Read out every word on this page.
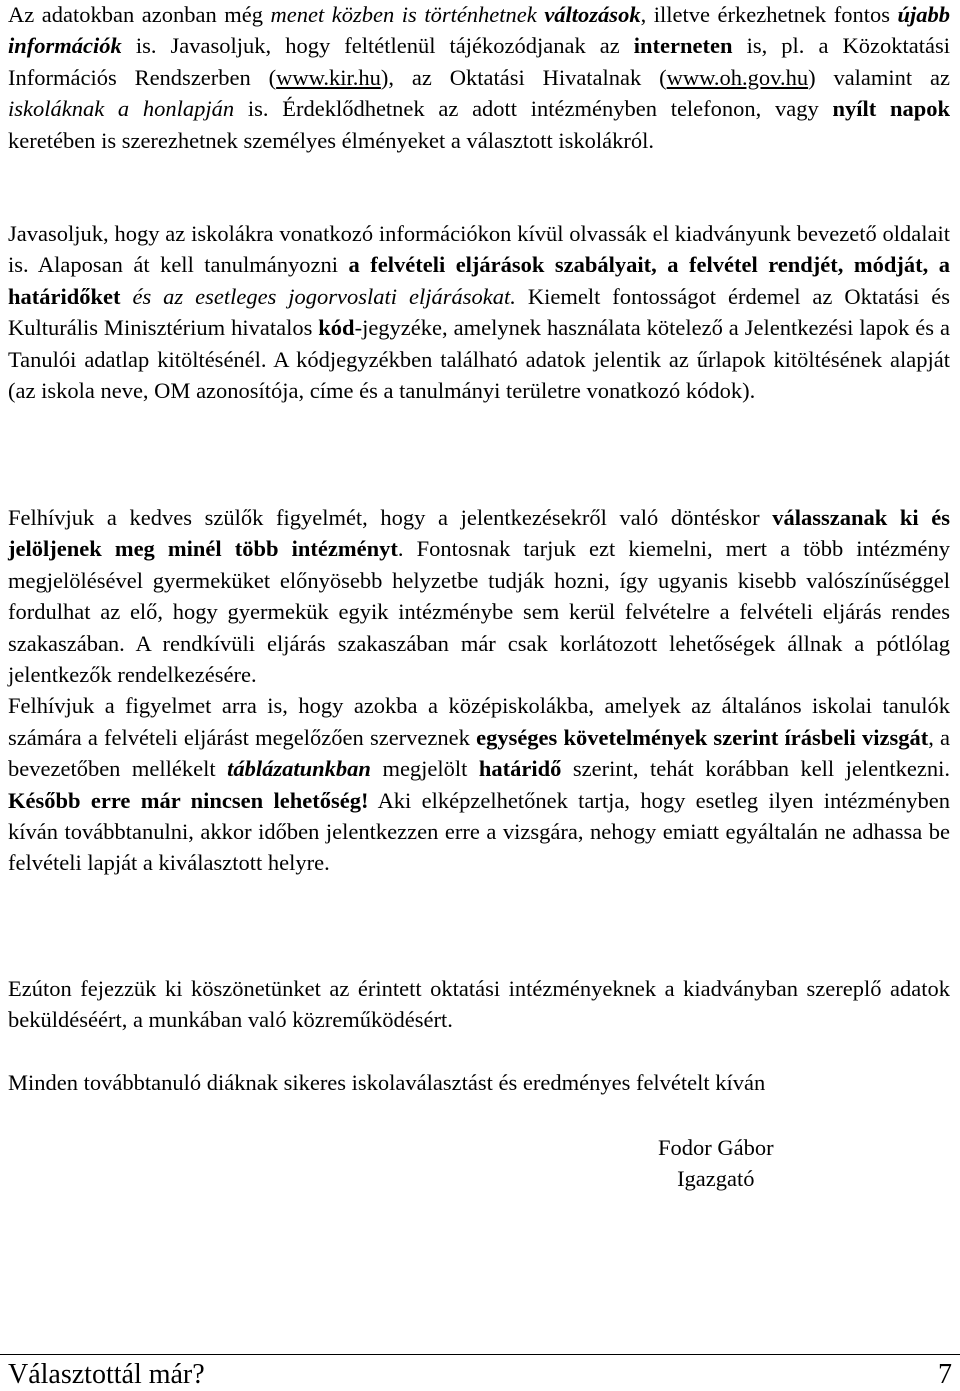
Az adatokban azonban még menet közben is történhetnek változások, illetve érkezhetnek fontos újabb információk is. Javasoljuk, hogy feltétlenül tájékozódjanak az interneten is, pl. a Közoktatási Információs Rendszerben (www.kir.hu), az Oktatási Hivatalnak (www.oh.gov.hu) valamint az iskoláknak a honlapján is. Érdeklődhetnek az adott intézményben telefonon, vagy nyílt napok keretében is szerezhetnek személyes élményeket a választott iskolákról.

Javasoljuk, hogy az iskolákra vonatkozó információkon kívül olvassák el kiadványunk bevezető oldalait is. Alaposan át kell tanulmányozni a felvételi eljárások szabályait, a felvétel rendjét, módját, a határidőket és az esetleges jogorvoslati eljárásokat. Kiemelt fontosságot érdemel az Oktatási és Kulturális Minisztérium hivatalos kód-jegyzéke, amelynek használata kötelező a Jelentkezési lapok és a Tanulói adatlap kitöltésénél. A kódjegyzékben található adatok jelentik az űrlapok kitöltésének alapját (az iskola neve, OM azonosítója, címe és a tanulmányi területre vonatkozó kódok).

Felhívjuk a kedves szülők figyelmét, hogy a jelentkezésekről való döntéskor válasszanak ki és jelöljenek meg minél több intézményt. Fontosnak tarjuk ezt kiemelni, mert a több intézmény megjelölésével gyermeküket előnyösebb helyzetbe tudják hozni, így ugyanis kisebb valószínűséggel fordulhat az elő, hogy gyermekük egyik intézménybe sem kerül felvételre a felvételi eljárás rendes szakaszában. A rendkívüli eljárás szakaszában már csak korlátozott lehetőségek állnak a pótlólag jelentkezők rendelkezésére.

Felhívjuk a figyelmet arra is, hogy azokba a középiskolákba, amelyek az általános iskolai tanulók számára a felvételi eljárást megelőzően szerveznek egységes követelmények szerint írásbeli vizsgát, a bevezetőben mellékelt táblázatunkban megjelölt határidő szerint, tehát korábban kell jelentkezni. Később erre már nincsen lehetőség! Aki elképzelhetőnek tartja, hogy esetleg ilyen intézményben kíván továbbtanulni, akkor időben jelentkezzen erre a vizsgára, nehogy emiatt egyáltalán ne adhassa be felvételi lapját a kiválasztott helyre.

Ezúton fejezzük ki köszönetünket az érintett oktatási intézményeknek a kiadványban szereplő adatok beküldéséért, a munkában való közreműködésért.

Minden továbbtanuló diáknak sikeres iskolaválasztást és eredményes felvételt kíván

Fodor Gábor
Igazgató
Választottál már?	7
